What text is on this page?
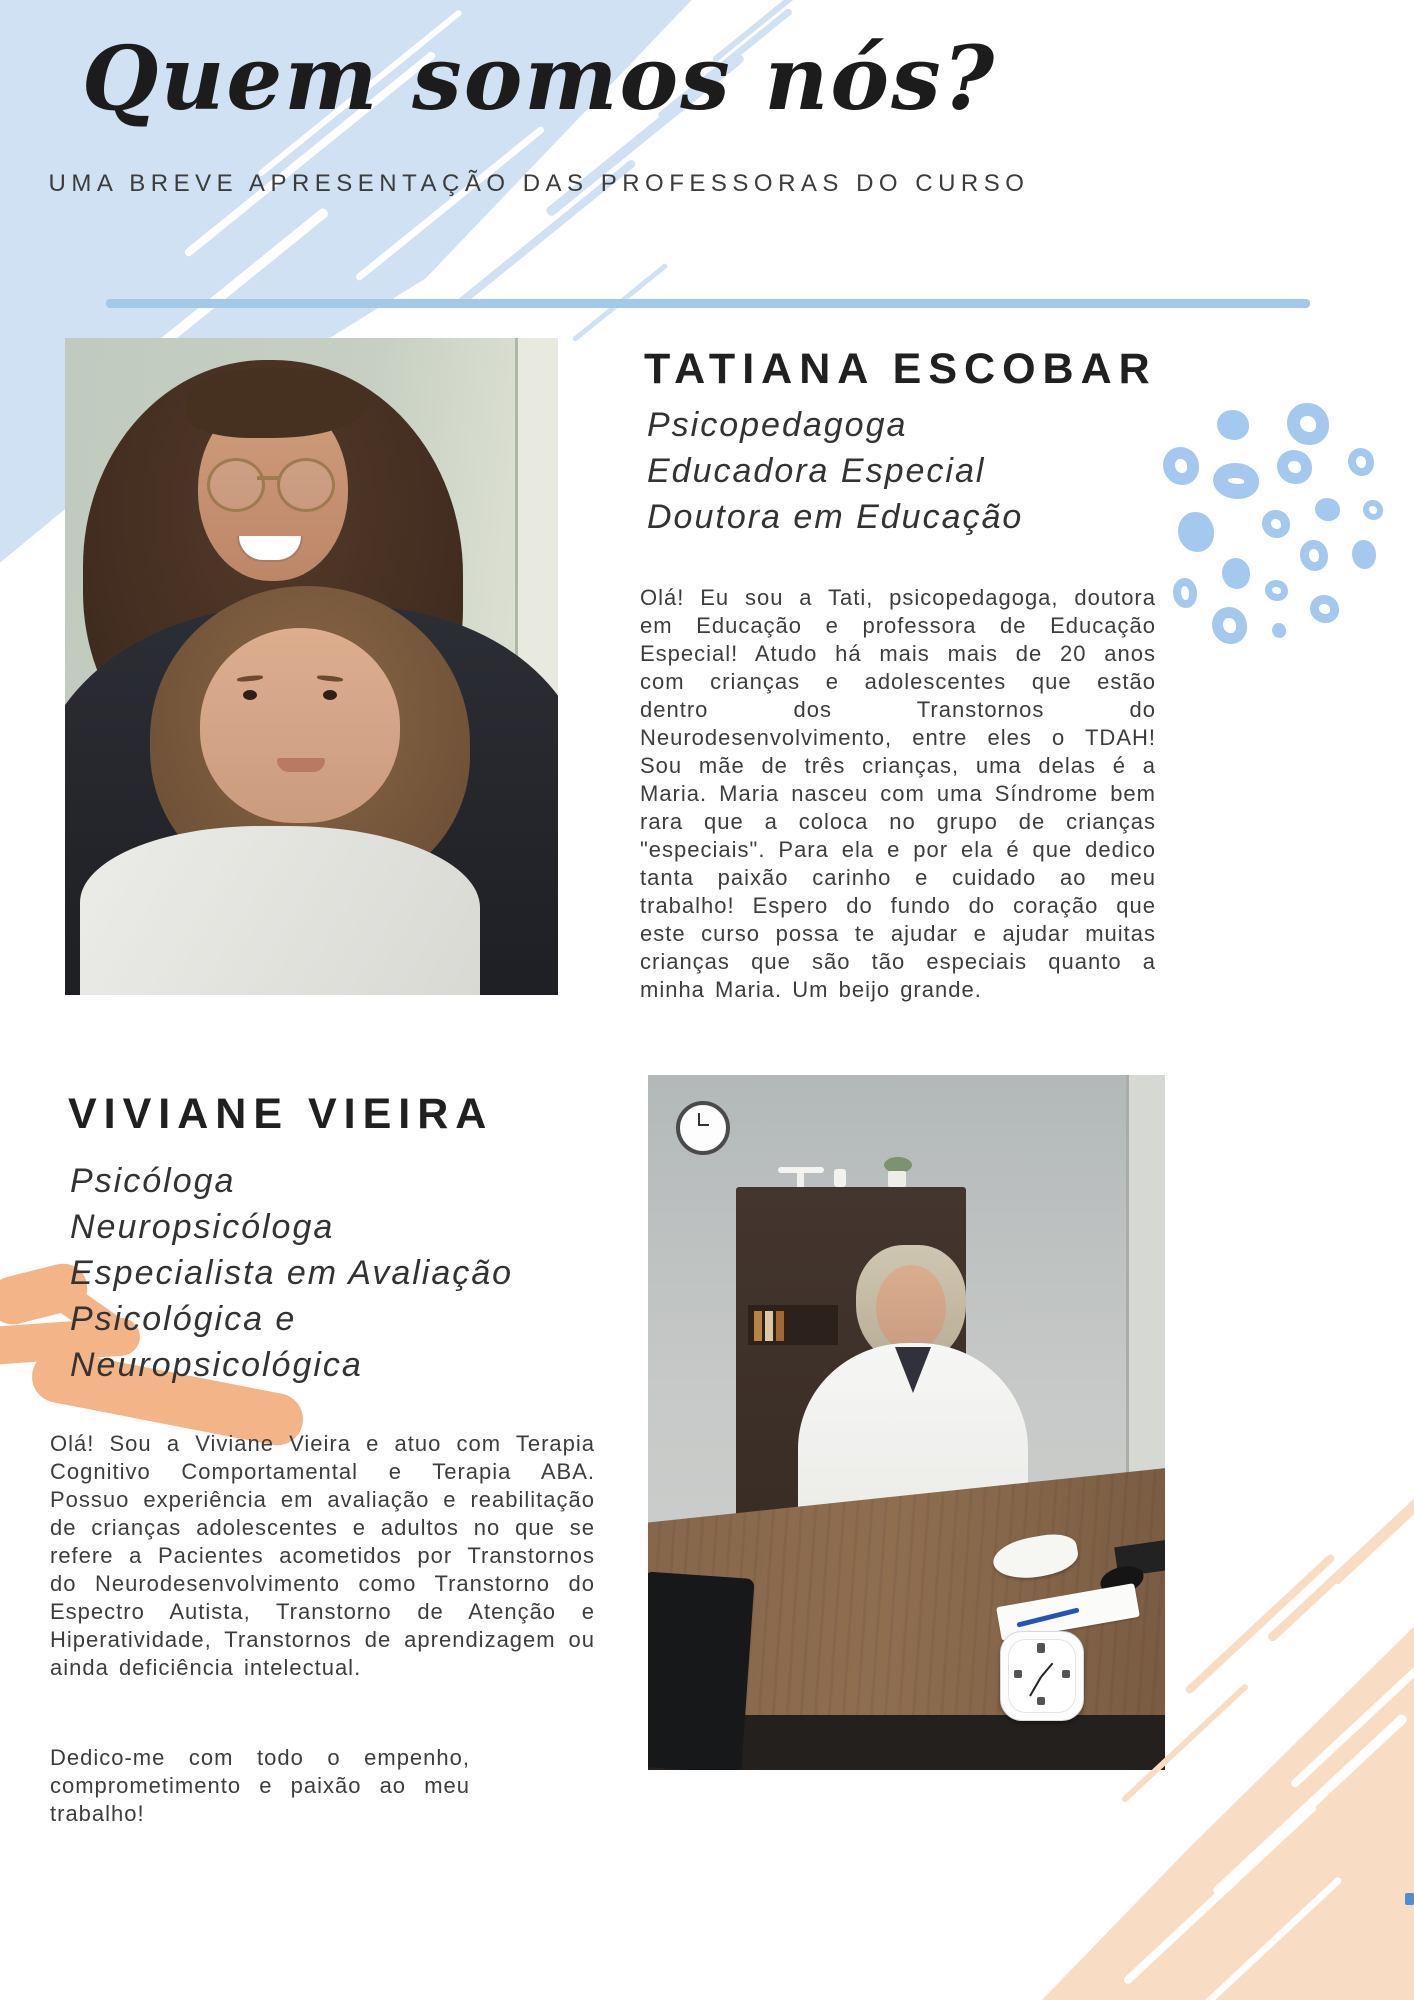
Quem somos nós?
UMA BREVE APRESENTAÇÃO DAS PROFESSORAS DO CURSO
TATIANA ESCOBAR
Psicopedagoga
Educadora Especial
Doutora em Educação
Olá! Eu sou a Tati, psicopedagoga, doutora em Educação e professora de Educação Especial! Atudo há mais mais de 20 anos com crianças e adolescentes que estão dentro dos Transtornos do Neurodesenvolvimento, entre eles o TDAH! Sou mãe de três crianças, uma delas é a Maria. Maria nasceu com uma Síndrome bem rara que a coloca no grupo de crianças "especiais". Para ela e por ela é que dedico tanta paixão carinho e cuidado ao meu trabalho! Espero do fundo do coração que este curso possa te ajudar e ajudar muitas crianças que são tão especiais quanto a minha Maria. Um beijo grande.
VIVIANE VIEIRA
Psicóloga
Neuropsicóloga
Especialista em Avaliação Psicológica e Neuropsicológica
Olá! Sou a Viviane Vieira e atuo com Terapia Cognitivo Comportamental e Terapia ABA. Possuo experiência em avaliação e reabilitação de crianças adolescentes e adultos no que se refere a Pacientes acometidos por Transtornos do Neurodesenvolvimento como Transtorno do Espectro Autista, Transtorno de Atenção e Hiperatividade, Transtornos de aprendizagem ou ainda deficiência intelectual.
Dedico-me com todo o empenho, comprometimento e paixão ao meu trabalho!
